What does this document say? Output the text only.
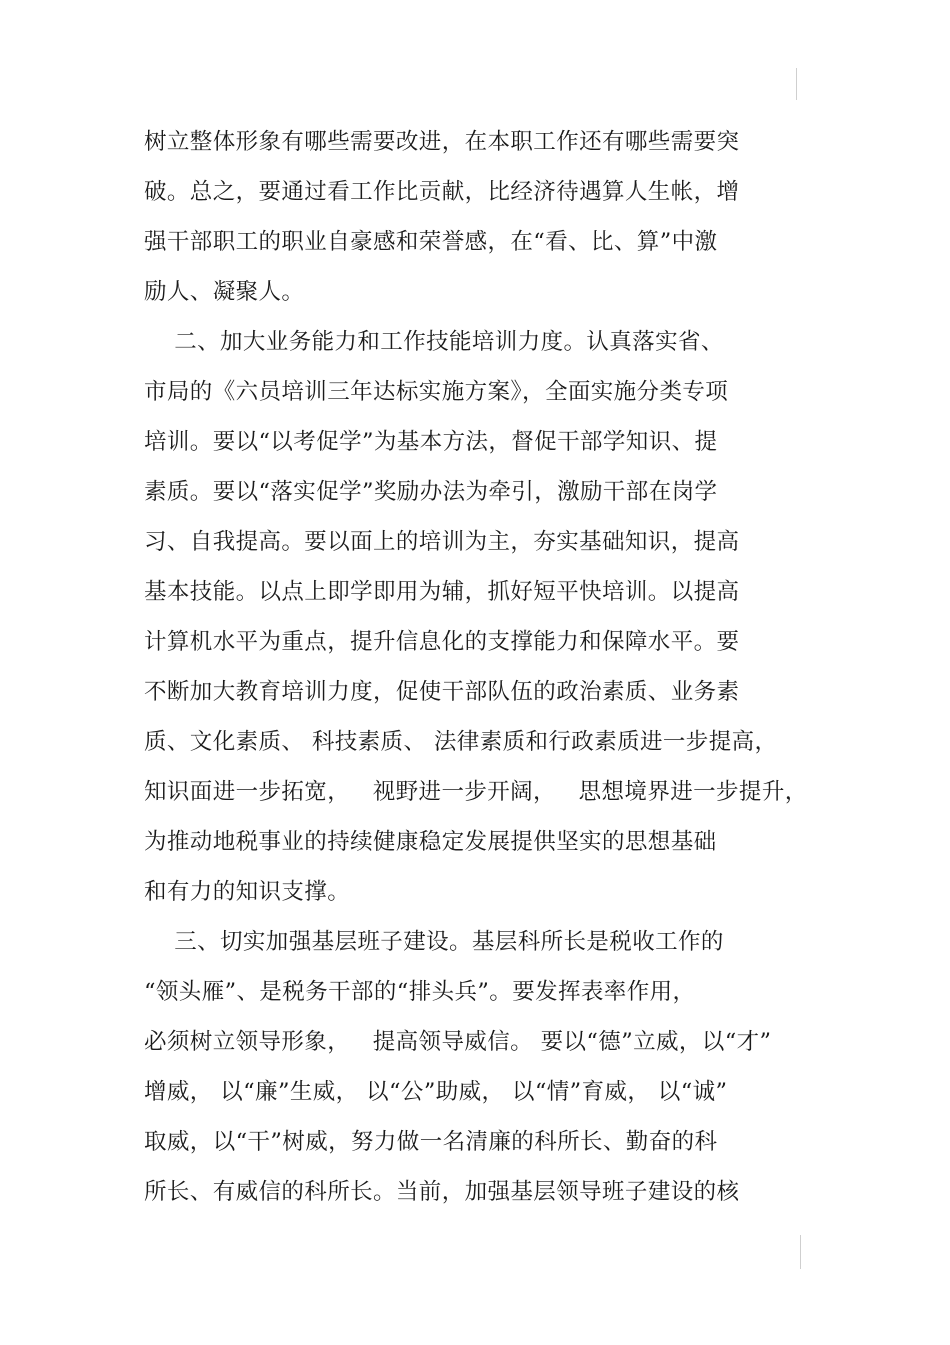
树立整体形象有哪些需要改进，在本职工作还有哪些需要突
破。总之，要通过看工作比贡献，比经济待遇算人生帐，增
强干部职工的职业自豪感和荣誉感，在“看、比、算”中激
励人、凝聚人。
二、加大业务能力和工作技能培训力度。认真落实省、
市局的《六员培训三年达标实施方案》，全面实施分类专项
培训。要以“以考促学”为基本方法，督促干部学知识、提
素质。要以“落实促学”奖励办法为牵引，激励干部在岗学
习、自我提高。要以面上的培训为主，夯实基础知识，提高
基本技能。以点上即学即用为辅，抓好短平快培训。以提高
计算机水平为重点，提升信息化的支撑能力和保障水平。要
不断加大教育培训力度，促使干部队伍的政治素质、业务素
质、文化素质、 科技素质、 法律素质和行政素质进一步提高，
知识面进一步拓宽，   视野进一步开阔，   思想境界进一步提升，
为推动地税事业的持续健康稳定发展提供坚实的思想基础
和有力的知识支撑。
三、切实加强基层班子建设。基层科所长是税收工作的
“领头雁”、是税务干部的“排头兵”。要发挥表率作用，
必须树立领导形象，   提高领导威信。 要以“德”立威，以“才”
增威， 以“廉”生威， 以“公”助威， 以“情”育威， 以“诚”
取威，以“干”树威，努力做一名清廉的科所长、勤奋的科
所长、有威信的科所长。当前，加强基层领导班子建设的核
